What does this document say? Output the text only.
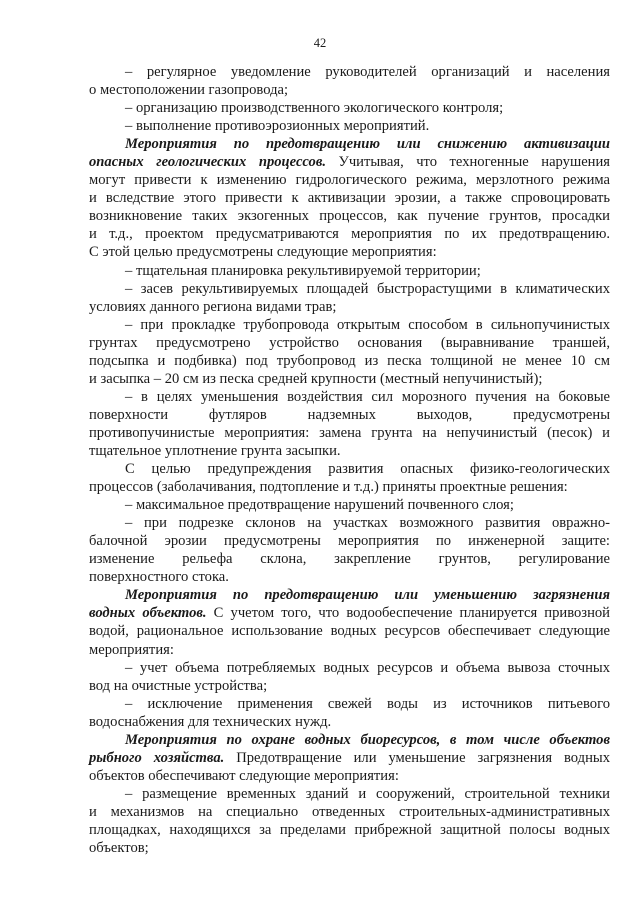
42
– регулярное уведомление руководителей организаций и населения
о местоположении газопровода;
– организацию производственного экологического контроля;
– выполнение противоэрозионных мероприятий.
Мероприятия по предотвращению или снижению активизации
опасных геологических процессов. Учитывая, что техногенные нарушения
могут привести к изменению гидрологического режима, мерзлотного режима
и вследствие этого привести к активизации эрозии, а также спровоцировать
возникновение таких экзогенных процессов, как пучение грунтов, просадки
и т.д., проектом предусматриваются мероприятия по их предотвращению.
С этой целью предусмотрены следующие мероприятия:
– тщательная планировка рекультивируемой территории;
– засев рекультивируемых площадей быстрорастущими в климатических
условиях данного региона видами трав;
– при прокладке трубопровода открытым способом в сильнопучинистых
грунтах предусмотрено устройство основания (выравнивание траншей,
подсыпка и подбивка) под трубопровод из песка толщиной не менее 10 см
и засыпка – 20 см из песка средней крупности (местный непучинистый);
– в целях уменьшения воздействия сил морозного пучения на боковые
поверхности футляров надземных выходов, предусмотрены
противопучинистые мероприятия: замена грунта на непучинистый (песок) и
тщательное уплотнение грунта засыпки.
С целью предупреждения развития опасных физико-геологических
процессов (заболачивания, подтопление и т.д.) приняты проектные решения:
– максимальное предотвращение нарушений почвенного слоя;
– при подрезке склонов на участках возможного развития овражно-
балочной эрозии предусмотрены мероприятия по инженерной защите:
изменение рельефа склона, закрепление грунтов, регулирование
поверхностного стока.
Мероприятия по предотвращению или уменьшению загрязнения
водных объектов. С учетом того, что водообеспечение планируется привозной
водой, рациональное использование водных ресурсов обеспечивает следующие
мероприятия:
– учет объема потребляемых водных ресурсов и объема вывоза сточных
вод на очистные устройства;
– исключение применения свежей воды из источников питьевого
водоснабжения для технических нужд.
Мероприятия по охране водных биоресурсов, в том числе объектов
рыбного хозяйства. Предотвращение или уменьшение загрязнения водных
объектов обеспечивают следующие мероприятия:
– размещение временных зданий и сооружений, строительной техники
и механизмов на специально отведенных строительных-административных
площадках, находящихся за пределами прибрежной защитной полосы водных
объектов;
